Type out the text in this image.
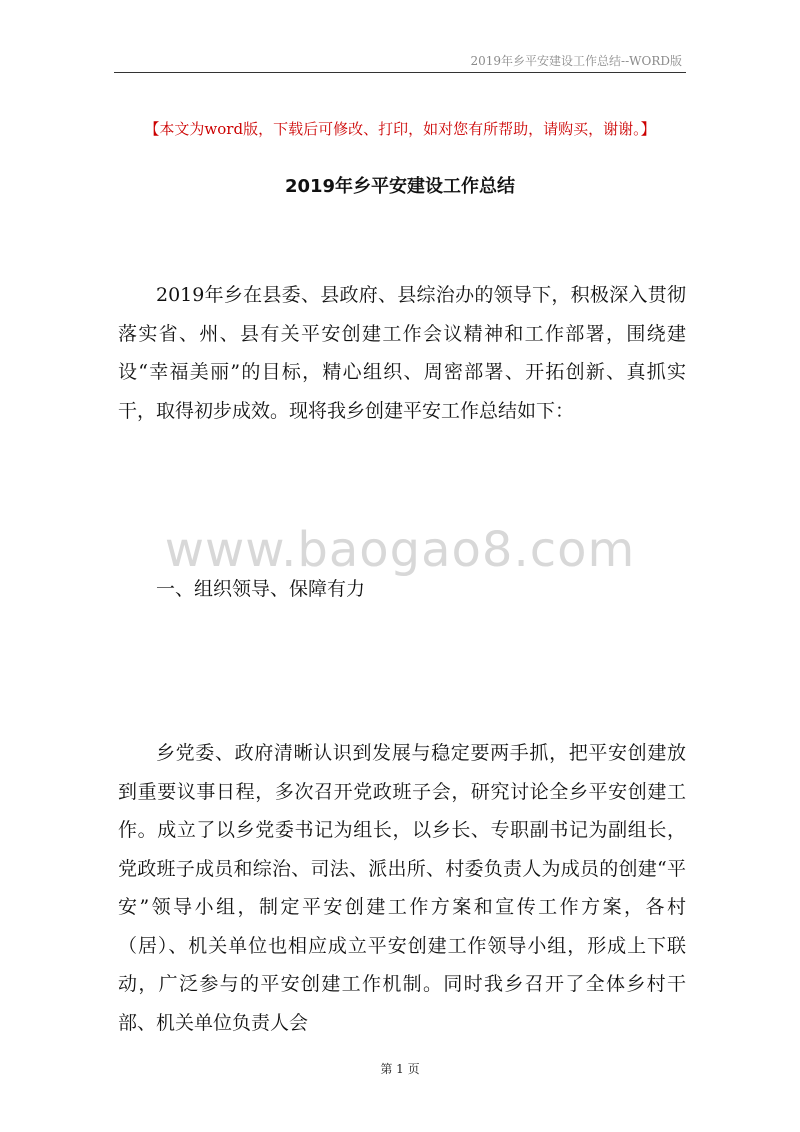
2019年乡平安建设工作总结--WORD版
【本文为word版，下载后可修改、打印，如对您有所帮助，请购买，谢谢。】
2019年乡平安建设工作总结

2019年乡在县委、县政府、县综治办的领导下，积极深入贯彻落实省、州、县有关平安创建工作会议精神和工作部署，围绕建设“幸福美丽”的目标，精心组织、周密部署、开拓创新、真抓实干，取得初步成效。现将我乡创建平安工作总结如下：

www.baogao8.com

一、组织领导、保障有力

乡党委、政府清晰认识到发展与稳定要两手抓，把平安创建放到重要议事日程，多次召开党政班子会，研究讨论全乡平安创建工作。成立了以乡党委书记为组长，以乡长、专职副书记为副组长，党政班子成员和综治、司法、派出所、村委负责人为成员的创建“平安”领导小组，制定平安创建工作方案和宣传工作方案，各村（居）、机关单位也相应成立平安创建工作领导小组，形成上下联动，广泛参与的平安创建工作机制。同时我乡召开了全体乡村干部、机关单位负责人会

第 1 页
